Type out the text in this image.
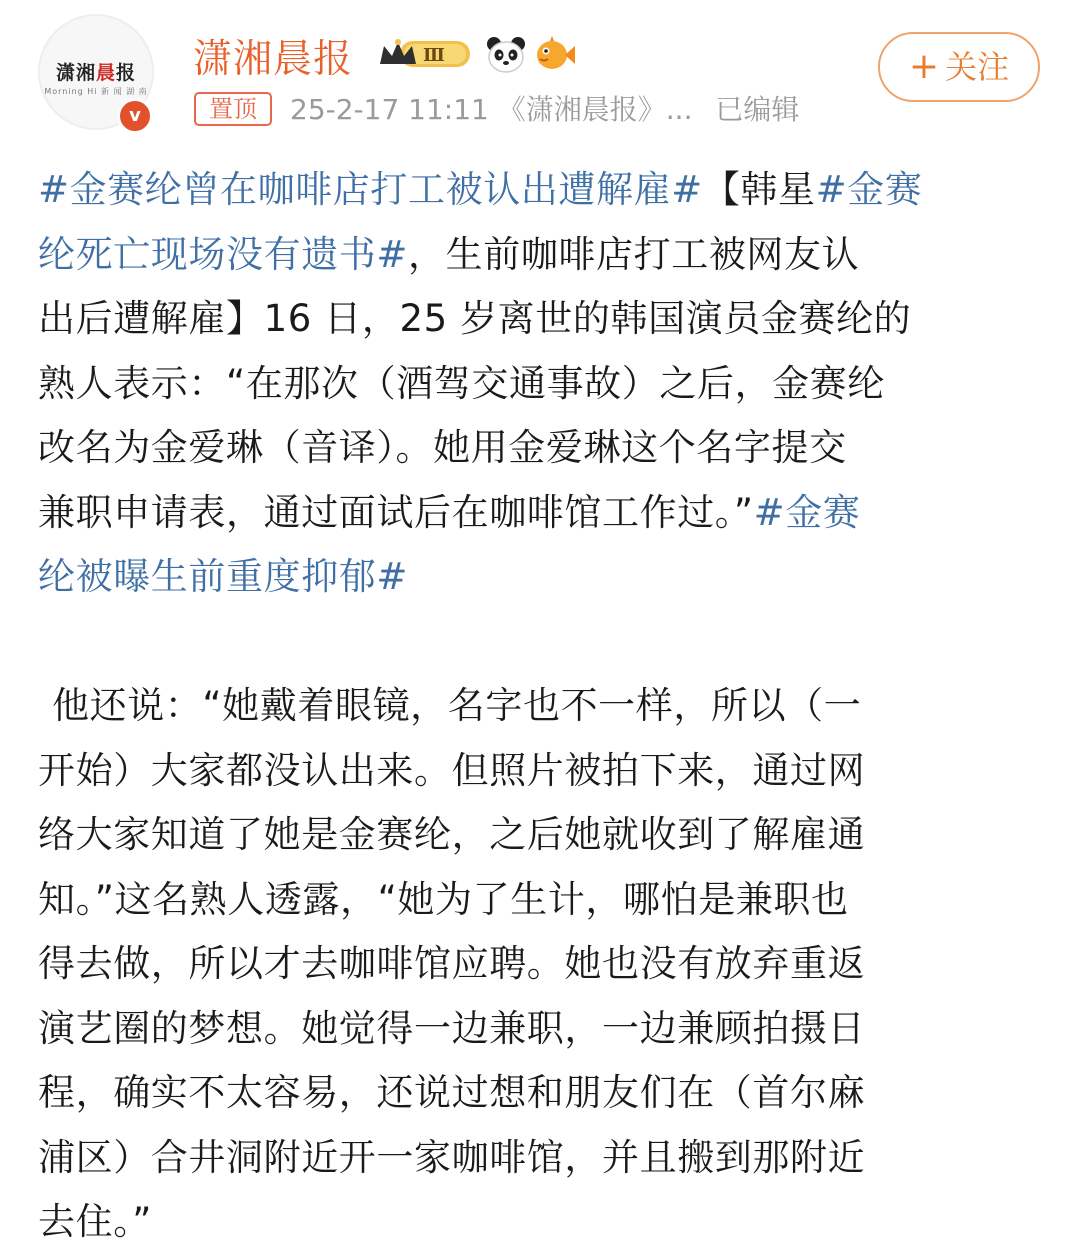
潇湘晨报
Morning Hi 新 闻 湖 南
v
潇湘晨报	Ⅲ
置顶	25-2-17 11:11 《潇湘晨报》... 已编辑
+ 关注

#金赛纶曾在咖啡店打工被认出遭解雇#【韩星#金赛
纶死亡现场没有遗书#，生前咖啡店打工被网友认
出后遭解雇】16 日，25 岁离世的韩国演员金赛纶的
熟人表示：“在那次（酒驾交通事故）之后，金赛纶
改名为金爱琳（音译）。她用金爱琳这个名字提交
兼职申请表，通过面试后在咖啡馆工作过。”#金赛
纶被曝生前重度抑郁#

他还说：“她戴着眼镜，名字也不一样，所以（一
开始）大家都没认出来。但照片被拍下来，通过网
络大家知道了她是金赛纶，之后她就收到了解雇通
知。”这名熟人透露，“她为了生计，哪怕是兼职也
得去做，所以才去咖啡馆应聘。她也没有放弃重返
演艺圈的梦想。她觉得一边兼职，一边兼顾拍摄日
程，确实不太容易，还说过想和朋友们在（首尔麻
浦区）合井洞附近开一家咖啡馆，并且搬到那附近
去住。”
